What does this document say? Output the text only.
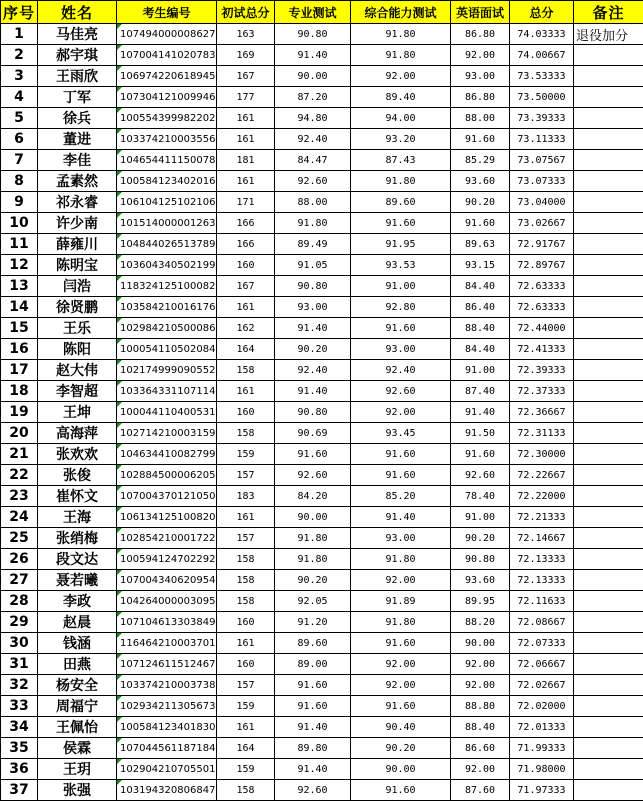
序号	姓名	考生编号	初试总分	专业测试	综合能力测试	英语面试	总分	备注
1	马佳亮	107494000008627	163	90.80	91.80	86.80	74.03333	退役加分
2	郝宇琪	107004141020783	169	91.40	91.80	92.00	74.00667	
3	王雨欣	106974220618945	167	90.00	92.00	93.00	73.53333	
4	丁军	107304121009946	177	87.20	89.40	86.80	73.50000	
5	徐兵	100554399982202	161	94.80	94.00	88.00	73.39333	
6	董进	103374210003556	161	92.40	93.20	91.60	73.11333	
7	李佳	104654411150078	181	84.47	87.43	85.29	73.07567	
8	孟素然	100584123402016	161	92.60	91.80	93.60	73.07333	
9	祁永睿	106104125102106	171	88.00	89.60	90.20	73.04000	
10	许少南	101514000001263	166	91.80	91.60	91.60	73.02667	
11	薛雍川	104844026513789	166	89.49	91.95	89.63	72.91767	
12	陈明宝	103604340502199	160	91.05	93.53	93.15	72.89767	
13	闫浩	118324125100082	167	90.80	91.00	84.40	72.63333	
14	徐贤鹏	103584210016176	161	93.00	92.80	86.40	72.63333	
15	王乐	102984210500086	162	91.40	91.60	88.40	72.44000	
16	陈阳	100054110502084	164	90.20	93.00	84.40	72.41333	
17	赵大伟	102174999090552	158	92.40	92.40	91.00	72.39333	
18	李智超	103364331107114	161	91.40	92.60	87.40	72.37333	
19	王坤	100044110400531	160	90.80	92.00	91.40	72.36667	
20	高海萍	102714210003159	158	90.69	93.45	91.50	72.31133	
21	张欢欢	104634410082799	159	91.60	91.60	91.60	72.30000	
22	张俊	102884500006205	157	92.60	91.60	92.60	72.22667	
23	崔怀文	107004370121050	183	84.20	85.20	78.40	72.22000	
24	王海	106134125100820	161	90.00	91.40	91.00	72.21333	
25	张绡梅	102854210001722	157	91.80	93.00	90.20	72.14667	
26	段文达	100594124702292	158	91.80	91.80	90.80	72.13333	
27	聂若曦	107004340620954	158	90.20	92.00	93.60	72.13333	
28	李政	104264000003095	158	92.05	91.89	89.95	72.11633	
29	赵晨	107104613303849	160	91.20	91.80	88.20	72.08667	
30	钱涵	116464210003701	161	89.60	91.60	90.00	72.07333	
31	田燕	107124611512467	160	89.00	92.00	92.00	72.06667	
32	杨安全	103374210003738	157	91.60	92.00	92.00	72.02667	
33	周福宁	102934211305673	159	91.60	91.60	88.80	72.02000	
34	王佩怡	100584123401830	161	91.40	90.40	88.40	72.01333	
35	侯霖	107044561187184	164	89.80	90.20	86.60	71.99333	
36	王玥	102904210705501	159	91.40	90.00	92.00	71.98000	
37	张强	103194320806847	158	92.60	91.60	87.60	71.97333	
